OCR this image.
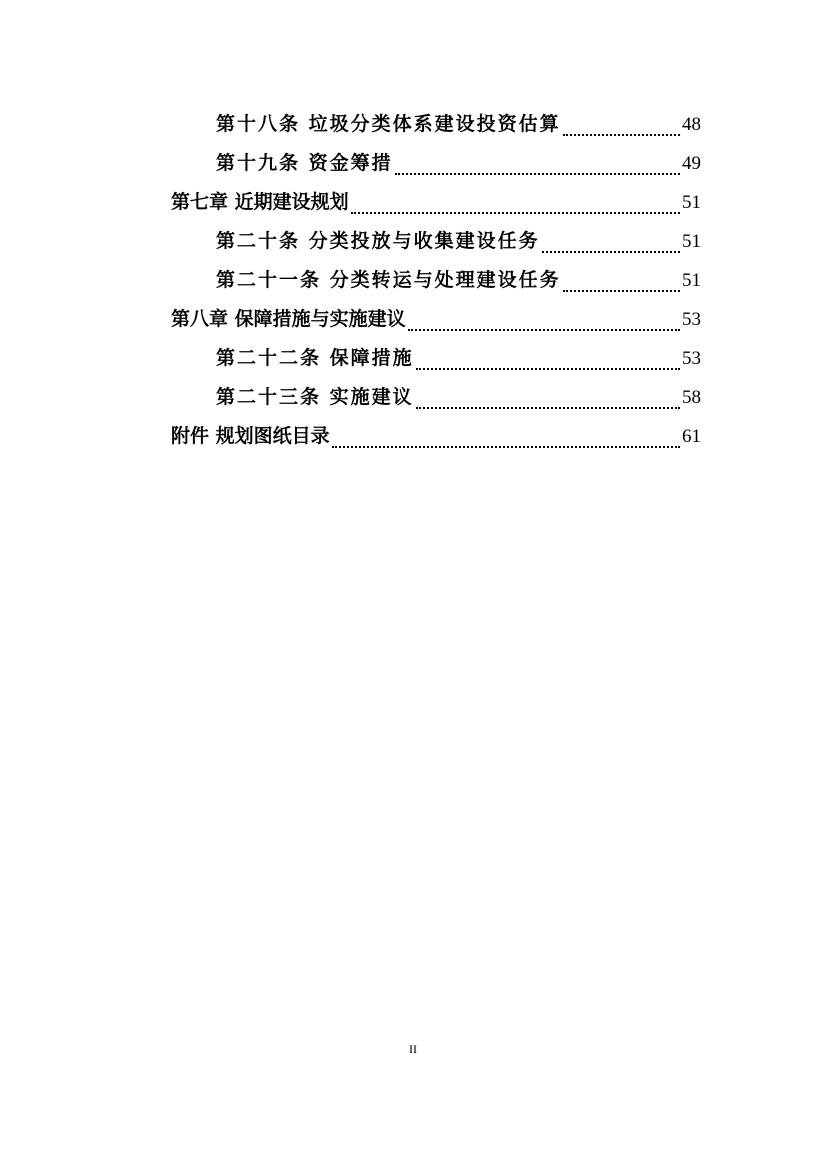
第十八条 垃圾分类体系建设投资估算	48
第十九条 资金筹措	49
第七章 近期建设规划	51
第二十条 分类投放与收集建设任务	51
第二十一条 分类转运与处理建设任务	51
第八章 保障措施与实施建议	53
第二十二条 保障措施	53
第二十三条 实施建议	58
附件 规划图纸目录	61
II
